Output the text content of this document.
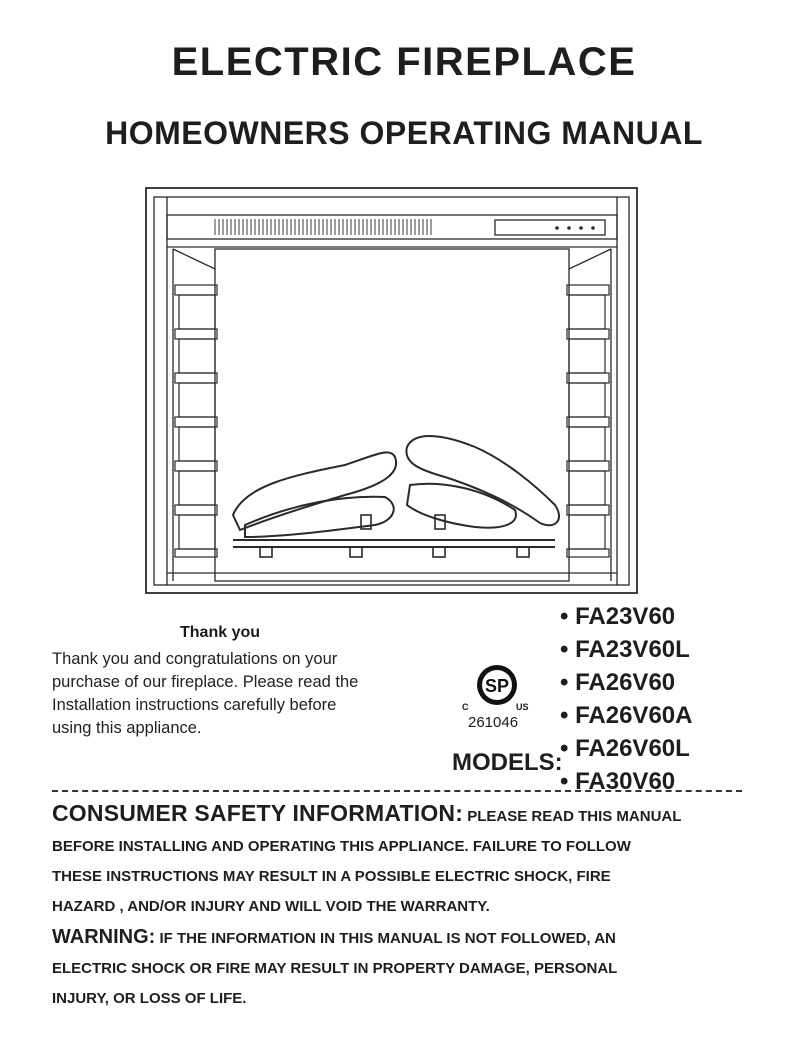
ELECTRIC FIREPLACE
HOMEOWNERS OPERATING MANUAL
Thank you
Thank you and congratulations on your
purchase of our fireplace. Please read the
Installation instructions carefully before
using this appliance.
SP
C	US
261046
• FA23V60
• FA23V60L
• FA26V60
• FA26V60A
• FA26V60L
• FA30V60
MODELS:
CONSUMER SAFETY INFORMATION: PLEASE READ THIS MANUAL
BEFORE INSTALLING AND OPERATING THIS APPLIANCE. FAILURE TO FOLLOW
THESE INSTRUCTIONS MAY RESULT IN A POSSIBLE ELECTRIC SHOCK, FIRE
HAZARD , AND/OR INJURY AND WILL VOID THE WARRANTY.
WARNING: IF THE INFORMATION IN THIS MANUAL IS NOT FOLLOWED, AN
ELECTRIC SHOCK OR FIRE MAY RESULT IN PROPERTY DAMAGE, PERSONAL
INJURY, OR LOSS OF LIFE.
